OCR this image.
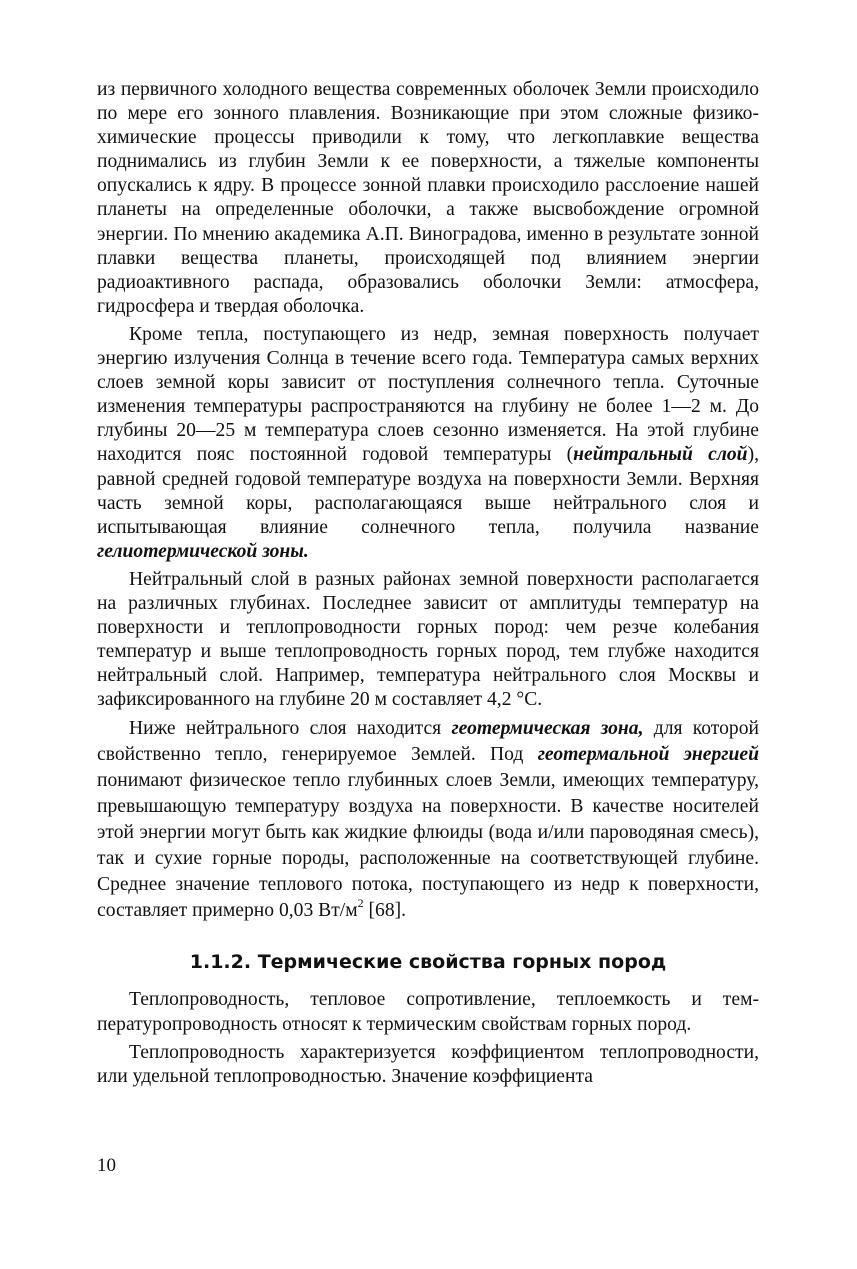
из первичного холодного вещества современных оболочек Земли происходило по мере его зонного плавления. Возникающие при этом сложные физико-химические процессы приводили к тому, что легкоплавкие вещества поднимались из глубин Земли к ее поверхности, а тяжелые компоненты опускались к ядру. В процессе зонной плавки происходило расслоение нашей планеты на определенные оболочки, а также высвобождение огромной энергии. По мнению академика А.П. Виноградова, именно в результате зонной плавки вещества планеты, происходящей под влиянием энергии радиоактивного распада, образовались оболочки Земли: атмосфера, гидросфера и твердая оболочка.

Кроме тепла, поступающего из недр, земная поверхность получает энергию излучения Солнца в течение всего года. Температура самых верхних слоев земной коры зависит от поступления солнечного тепла. Суточные изменения температуры распространяются на глубину не более 1—2 м. До глубины 20—25 м температура слоев сезонно изменяется. На этой глубине находится пояс постоянной годовой температуры (нейтральный слой), равной средней годовой температуре воздуха на поверхности Земли. Верхняя часть земной коры, располагающаяся выше нейтрального слоя и испытывающая влияние солнечного тепла, получила название гелиотермической зоны.

Нейтральный слой в разных районах земной поверхности располагается на различных глубинах. Последнее зависит от амплитуды температур на поверхности и теплопроводности горных пород: чем резче колебания температур и выше теплопроводность горных пород, тем глубже находится нейтральный слой. Например, температура нейтрального слоя Москвы и зафиксированного на глубине 20 м составляет 4,2 °С.

Ниже нейтрального слоя находится геотермическая зона, для которой свойственно тепло, генерируемое Землей. Под геотермальной энергией понимают физическое тепло глубинных слоев Земли, имеющих температуру, превышающую температуру воздуха на поверхности. В качестве носителей этой энергии могут быть как жидкие флюиды (вода и/или пароводяная смесь), так и сухие горные породы, расположенные на соответствующей глубине. Среднее значение теплового потока, поступающего из недр к поверхности, составляет примерно 0,03 $Вт/м^2$ [68].

1.1.2. Термические свойства горных пород

Теплопроводность, тепловое сопротивление, теплоемкость и температуропроводность относят к термическим свойствам горных пород.

Теплопроводность характеризуется коэффициентом теплопроводности, или удельной теплопроводностью. Значение коэффициента

10
